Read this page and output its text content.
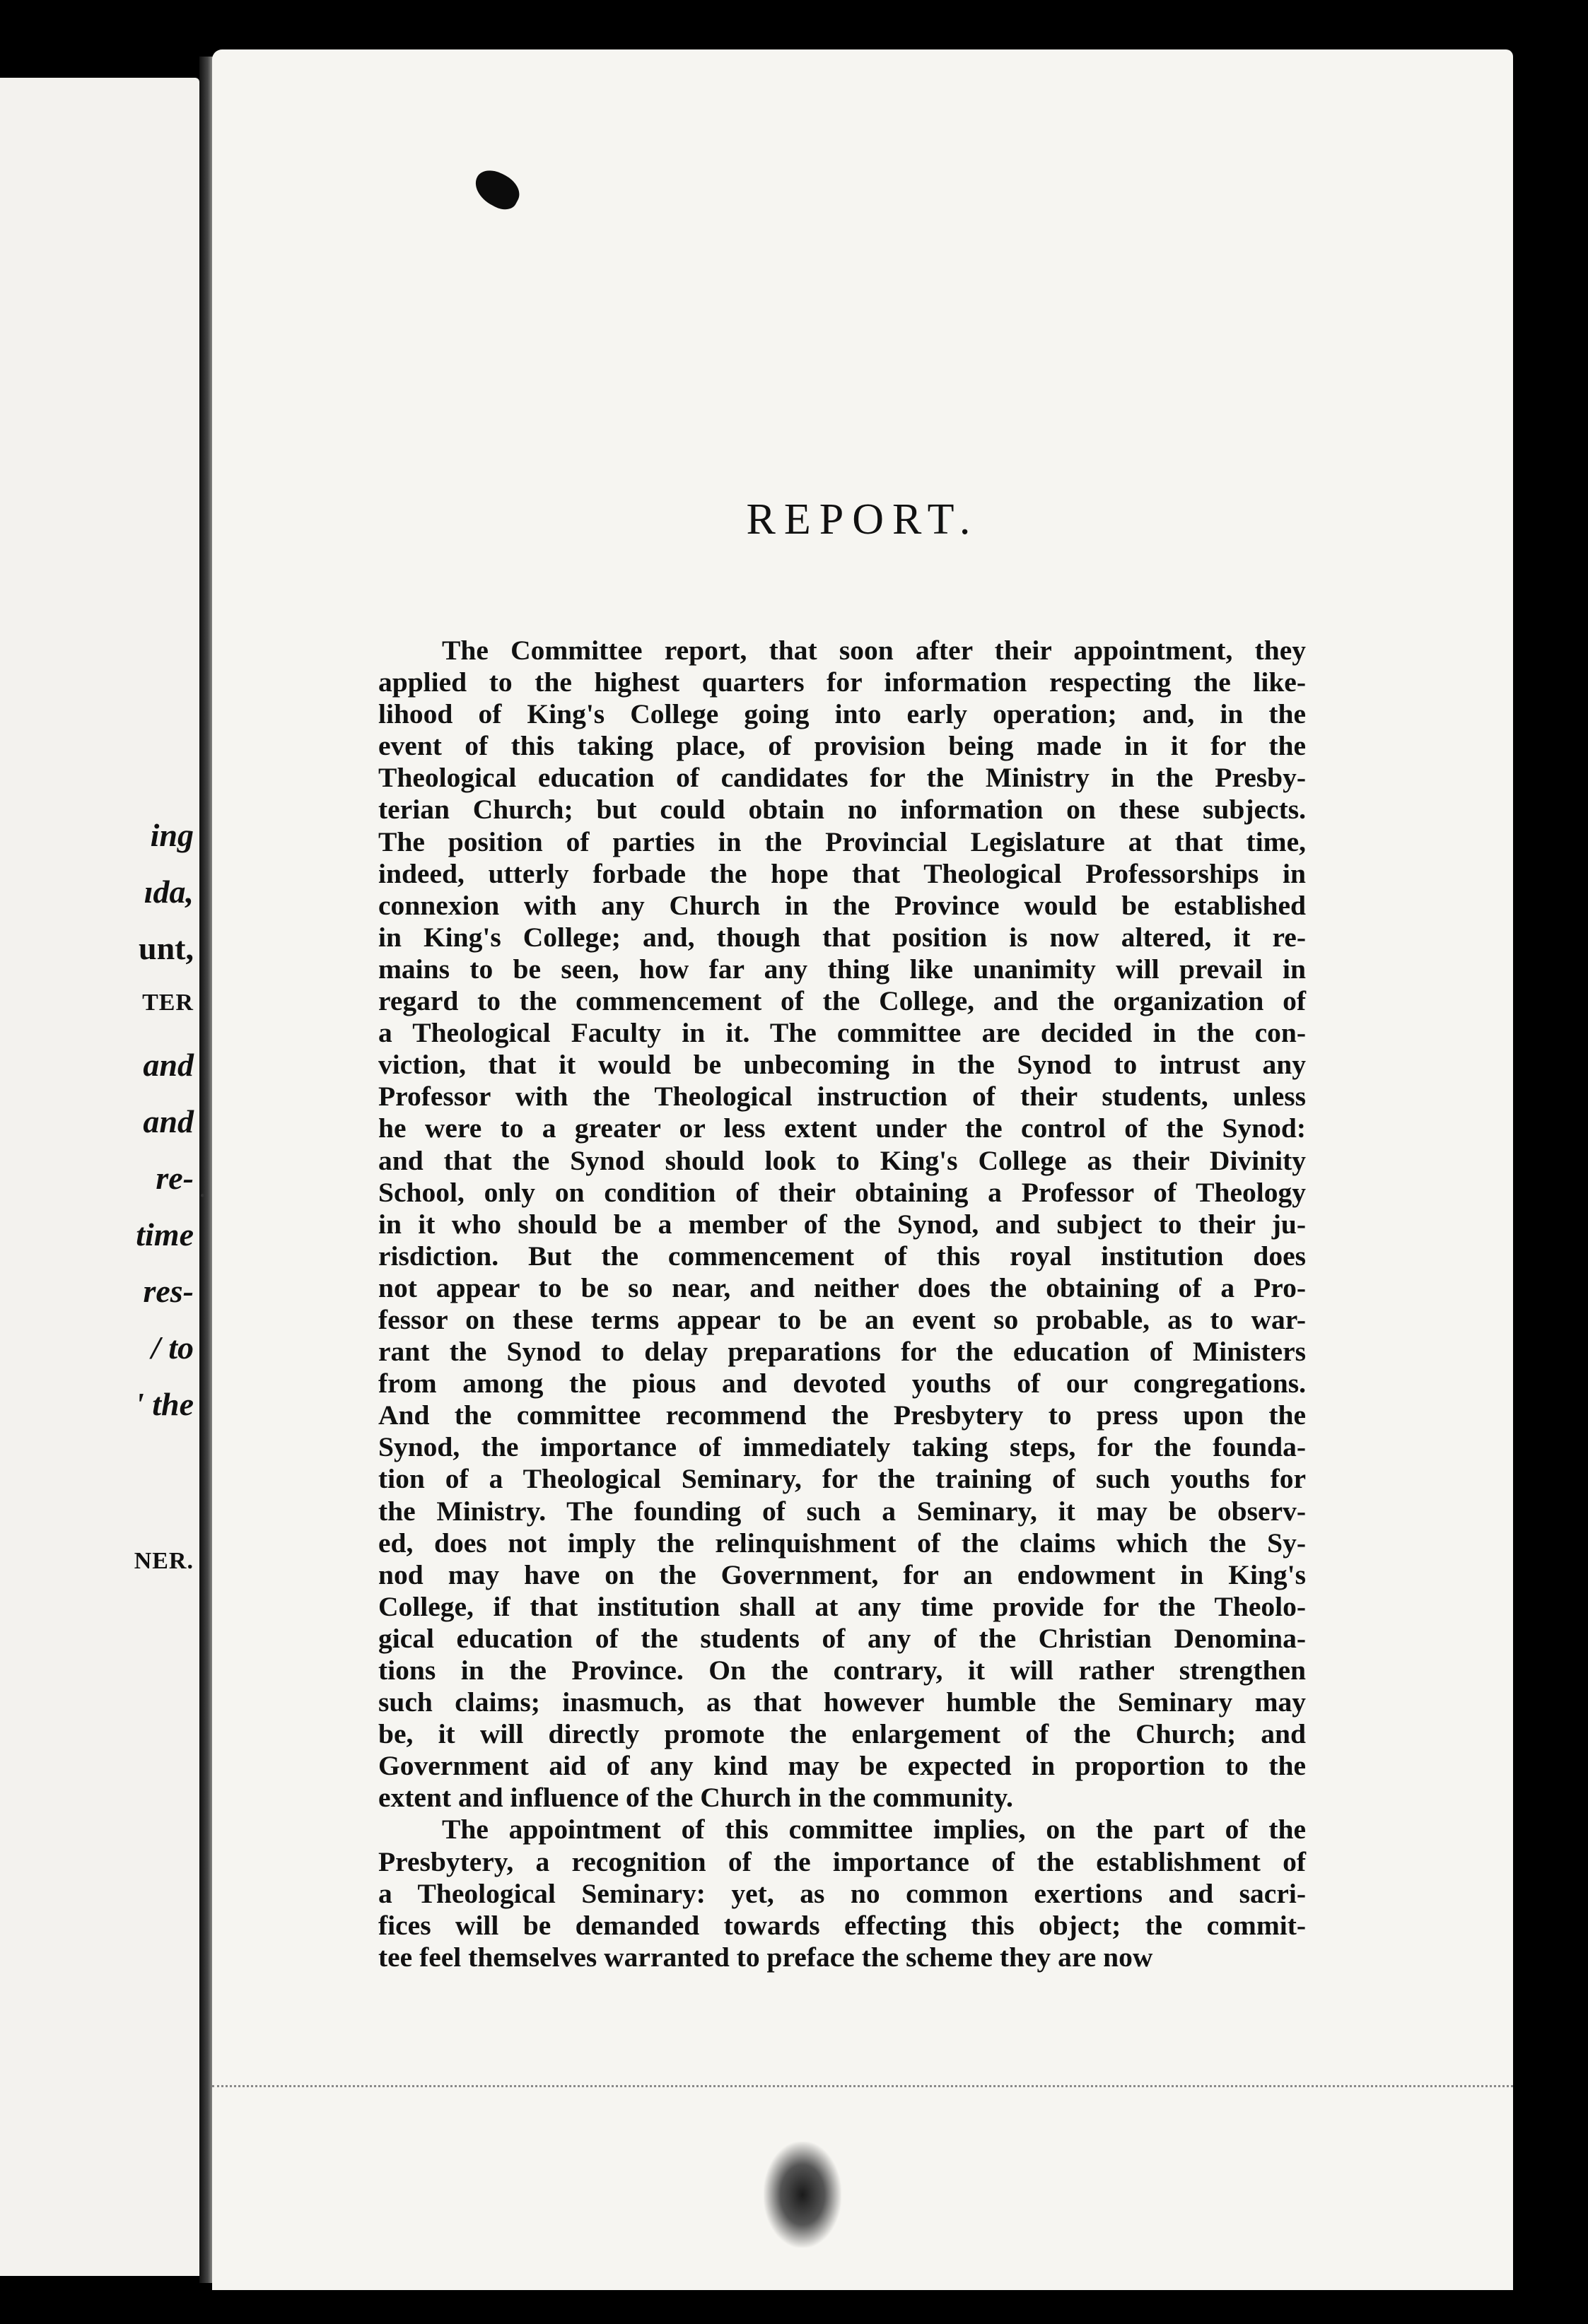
ing
ıda,
unt,
TER
and
and
re-
time
res-
/ to
' the
NER.
·
REPORT.
The Committee report, that soon after their appointment, they
applied to the highest quarters for information respecting the like-
lihood of King's College going into early operation; and, in the
event of this taking place, of provision being made in it for the
Theological education of candidates for the Ministry in the Presby-
terian Church; but could obtain no information on these subjects.
The position of parties in the Provincial Legislature at that time,
indeed, utterly forbade the hope that Theological Professorships in
connexion with any Church in the Province would be established
in King's College; and, though that position is now altered, it re-
mains to be seen, how far any thing like unanimity will prevail in
regard to the commencement of the College, and the organization of
a Theological Faculty in it. The committee are decided in the con-
viction, that it would be unbecoming in the Synod to intrust any
Professor with the Theological instruction of their students, unless
he were to a greater or less extent under the control of the Synod:
and that the Synod should look to King's College as their Divinity
School, only on condition of their obtaining a Professor of Theology
in it who should be a member of the Synod, and subject to their ju-
risdiction. But the commencement of this royal institution does
not appear to be so near, and neither does the obtaining of a Pro-
fessor on these terms appear to be an event so probable, as to war-
rant the Synod to delay preparations for the education of Ministers
from among the pious and devoted youths of our congregations.
And the committee recommend the Presbytery to press upon the
Synod, the importance of immediately taking steps, for the founda-
tion of a Theological Seminary, for the training of such youths for
the Ministry. The founding of such a Seminary, it may be observ-
ed, does not imply the relinquishment of the claims which the Sy-
nod may have on the Government, for an endowment in King's
College, if that institution shall at any time provide for the Theolo-
gical education of the students of any of the Christian Denomina-
tions in the Province. On the contrary, it will rather strengthen
such claims; inasmuch, as that however humble the Seminary may
be, it will directly promote the enlargement of the Church; and
Government aid of any kind may be expected in proportion to the
extent and influence of the Church in the community.
The appointment of this committee implies, on the part of the
Presbytery, a recognition of the importance of the establishment of
a Theological Seminary: yet, as no common exertions and sacri-
fices will be demanded towards effecting this object; the commit-
tee feel themselves warranted to preface the scheme they are now
